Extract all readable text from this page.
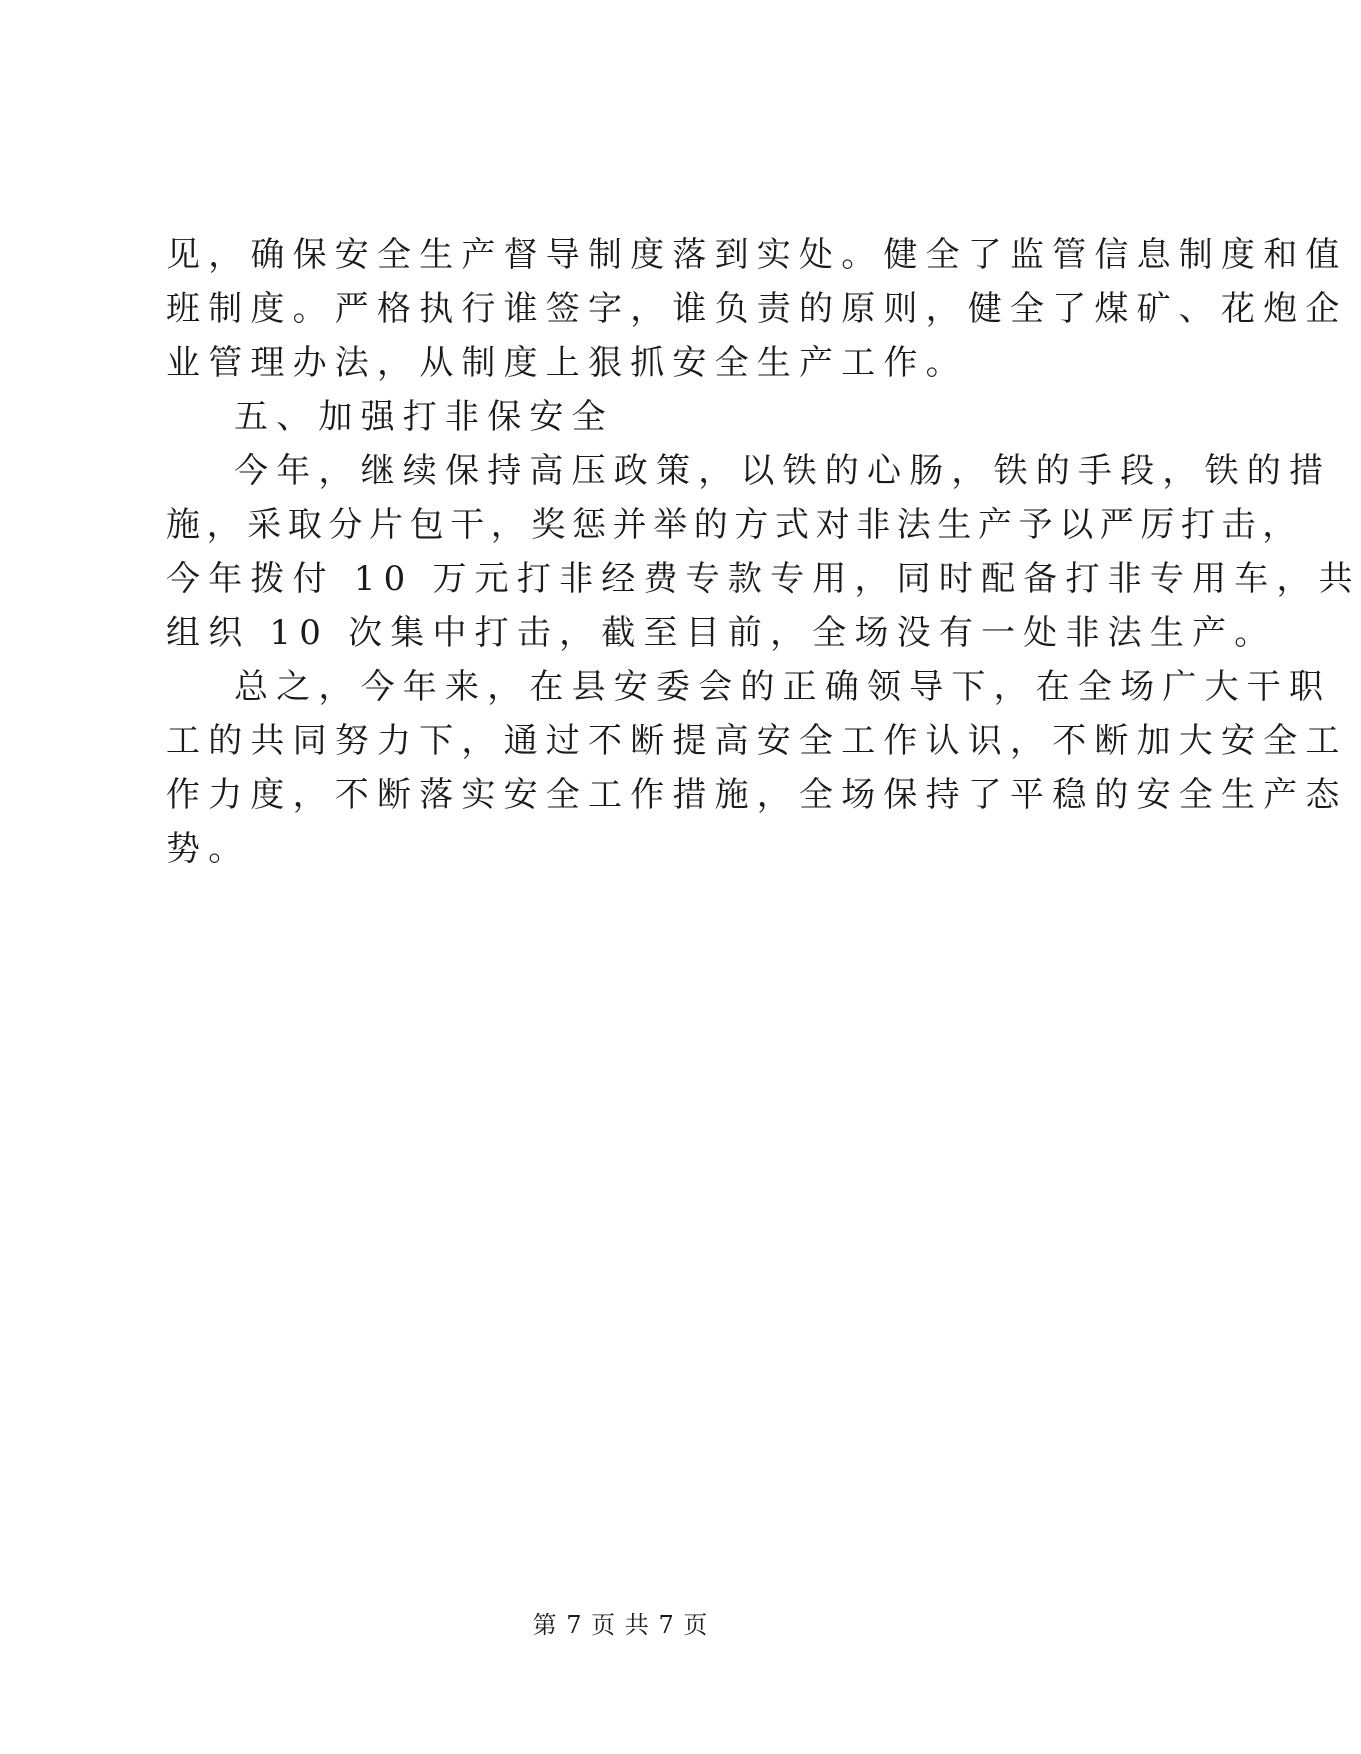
见，确保安全生产督导制度落到实处。健全了监管信息制度和值
班制度。严格执行谁签字，谁负责的原则，健全了煤矿、花炮企
业管理办法，从制度上狠抓安全生产工作。
五、加强打非保安全
今年，继续保持高压政策，以铁的心肠，铁的手段，铁的措
施，采取分片包干，奖惩并举的方式对非法生产予以严厉打击，
今年拨付 10 万元打非经费专款专用，同时配备打非专用车，共
组织 10 次集中打击，截至目前，全场没有一处非法生产。
总之，今年来，在县安委会的正确领导下，在全场广大干职
工的共同努力下，通过不断提高安全工作认识，不断加大安全工
作力度，不断落实安全工作措施，全场保持了平稳的安全生产态
势。
第 7 页 共 7 页
